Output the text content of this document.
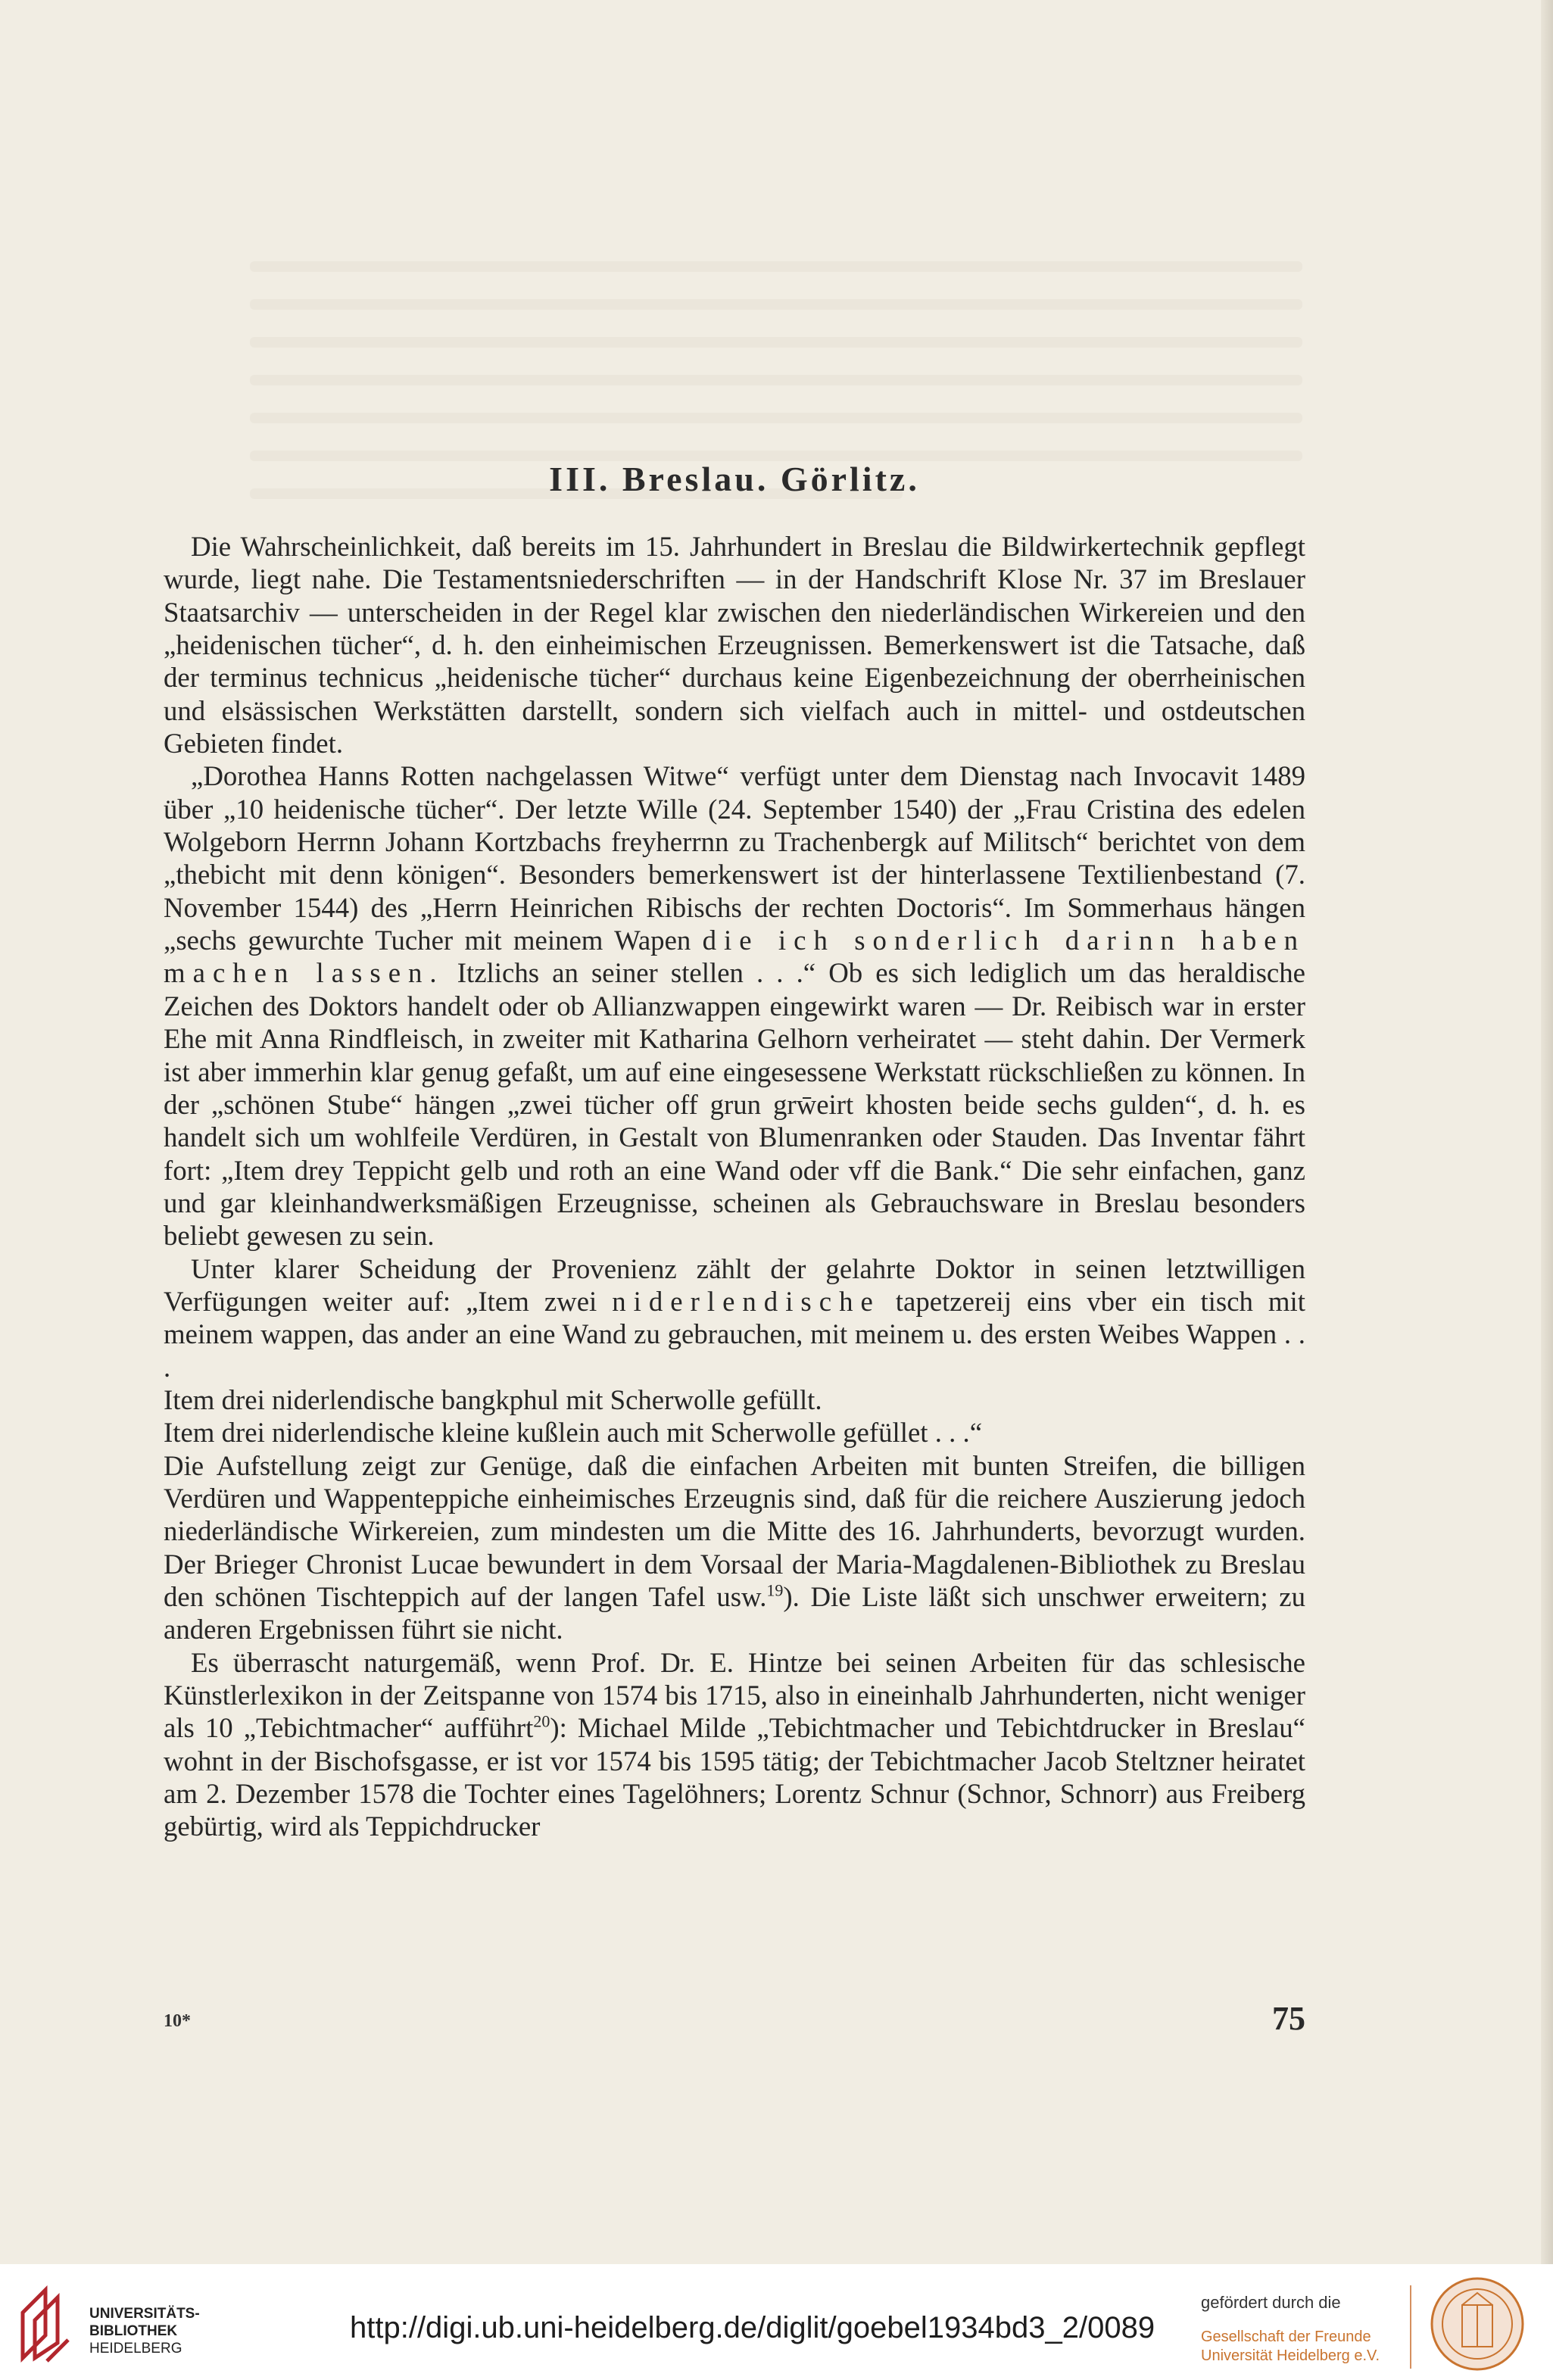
III. Breslau. Görlitz.

Die Wahrscheinlichkeit, daß bereits im 15. Jahrhundert in Breslau die Bildwirkertechnik gepflegt wurde, liegt nahe. Die Testamentsniederschriften — in der Handschrift Klose Nr. 37 im Breslauer Staatsarchiv — unterscheiden in der Regel klar zwischen den niederländischen Wirkereien und den „heidenischen tücher“, d. h. den einheimischen Erzeugnissen. Bemerkenswert ist die Tatsache, daß der terminus technicus „heidenische tücher“ durchaus keine Eigenbezeichnung der oberrheinischen und elsässischen Werkstätten darstellt, sondern sich vielfach auch in mittel- und ostdeutschen Gebieten findet.

„Dorothea Hanns Rotten nachgelassen Witwe“ verfügt unter dem Dienstag nach Invocavit 1489 über „10 heidenische tücher“. Der letzte Wille (24. September 1540) der „Frau Cristina des edelen Wolgeborn Herrnn Johann Kortzbachs freyherrnn zu Trachenbergk auf Militsch“ berichtet von dem „thebicht mit denn königen“. Besonders bemerkenswert ist der hinterlassene Textilienbestand (7. November 1544) des „Herrn Heinrichen Ribischs der rechten Doctoris“. Im Sommerhaus hängen „sechs gewurchte Tucher mit meinem Wapen die ich sonderlich darinn haben machen lassen. Itzlichs an seiner stellen . . .“ Ob es sich lediglich um das heraldische Zeichen des Doktors handelt oder ob Allianzwappen eingewirkt waren — Dr. Reibisch war in erster Ehe mit Anna Rindfleisch, in zweiter mit Katharina Gelhorn verheiratet — steht dahin. Der Vermerk ist aber immerhin klar genug gefaßt, um auf eine eingesessene Werkstatt rückschließen zu können. In der „schönen Stube“ hängen „zwei tücher off grun grw̄eirt khosten beide sechs gulden“, d. h. es handelt sich um wohlfeile Verdüren, in Gestalt von Blumenranken oder Stauden. Das Inventar fährt fort: „Item drey Teppicht gelb und roth an eine Wand oder vff die Bank.“ Die sehr einfachen, ganz und gar kleinhandwerksmäßigen Erzeugnisse, scheinen als Gebrauchsware in Breslau besonders beliebt gewesen zu sein.

Unter klarer Scheidung der Provenienz zählt der gelahrte Doktor in seinen letztwilligen Verfügungen weiter auf: „Item zwei niderlendische tapetzereij eins vber ein tisch mit meinem wappen, das ander an eine Wand zu gebrauchen, mit meinem u. des ersten Weibes Wappen . . .

Item drei niderlendische bangkphul mit Scherwolle gefüllt.

Item drei niderlendische kleine kußlein auch mit Scherwolle gefüllet . . .“

Die Aufstellung zeigt zur Genüge, daß die einfachen Arbeiten mit bunten Streifen, die billigen Verdüren und Wappenteppiche einheimisches Erzeugnis sind, daß für die reichere Auszierung jedoch niederländische Wirkereien, zum mindesten um die Mitte des 16. Jahrhunderts, bevorzugt wurden. Der Brieger Chronist Lucae bewundert in dem Vorsaal der Maria-Magdalenen-Bibliothek zu Breslau den schönen Tischteppich auf der langen Tafel usw.$^{19}$). Die Liste läßt sich unschwer erweitern; zu anderen Ergebnissen führt sie nicht.

Es überrascht naturgemäß, wenn Prof. Dr. E. Hintze bei seinen Arbeiten für das schlesische Künstlerlexikon in der Zeitspanne von 1574 bis 1715, also in eineinhalb Jahrhunderten, nicht weniger als 10 „Tebichtmacher“ aufführt$^{20}$): Michael Milde „Tebichtmacher und Tebichtdrucker in Breslau“ wohnt in der Bischofsgasse, er ist vor 1574 bis 1595 tätig; der Tebichtmacher Jacob Steltzner heiratet am 2. Dezember 1578 die Tochter eines Tagelöhners; Lorentz Schnur (Schnor, Schnorr) aus Freiberg gebürtig, wird als Teppichdrucker

10*	75
UNIVERSITÄTS-
BIBLIOTHEK
HEIDELBERG
http://digi.ub.uni-heidelberg.de/diglit/goebel1934bd3_2/0089
gefördert durch die
Gesellschaft der Freunde
Universität Heidelberg e.V.
